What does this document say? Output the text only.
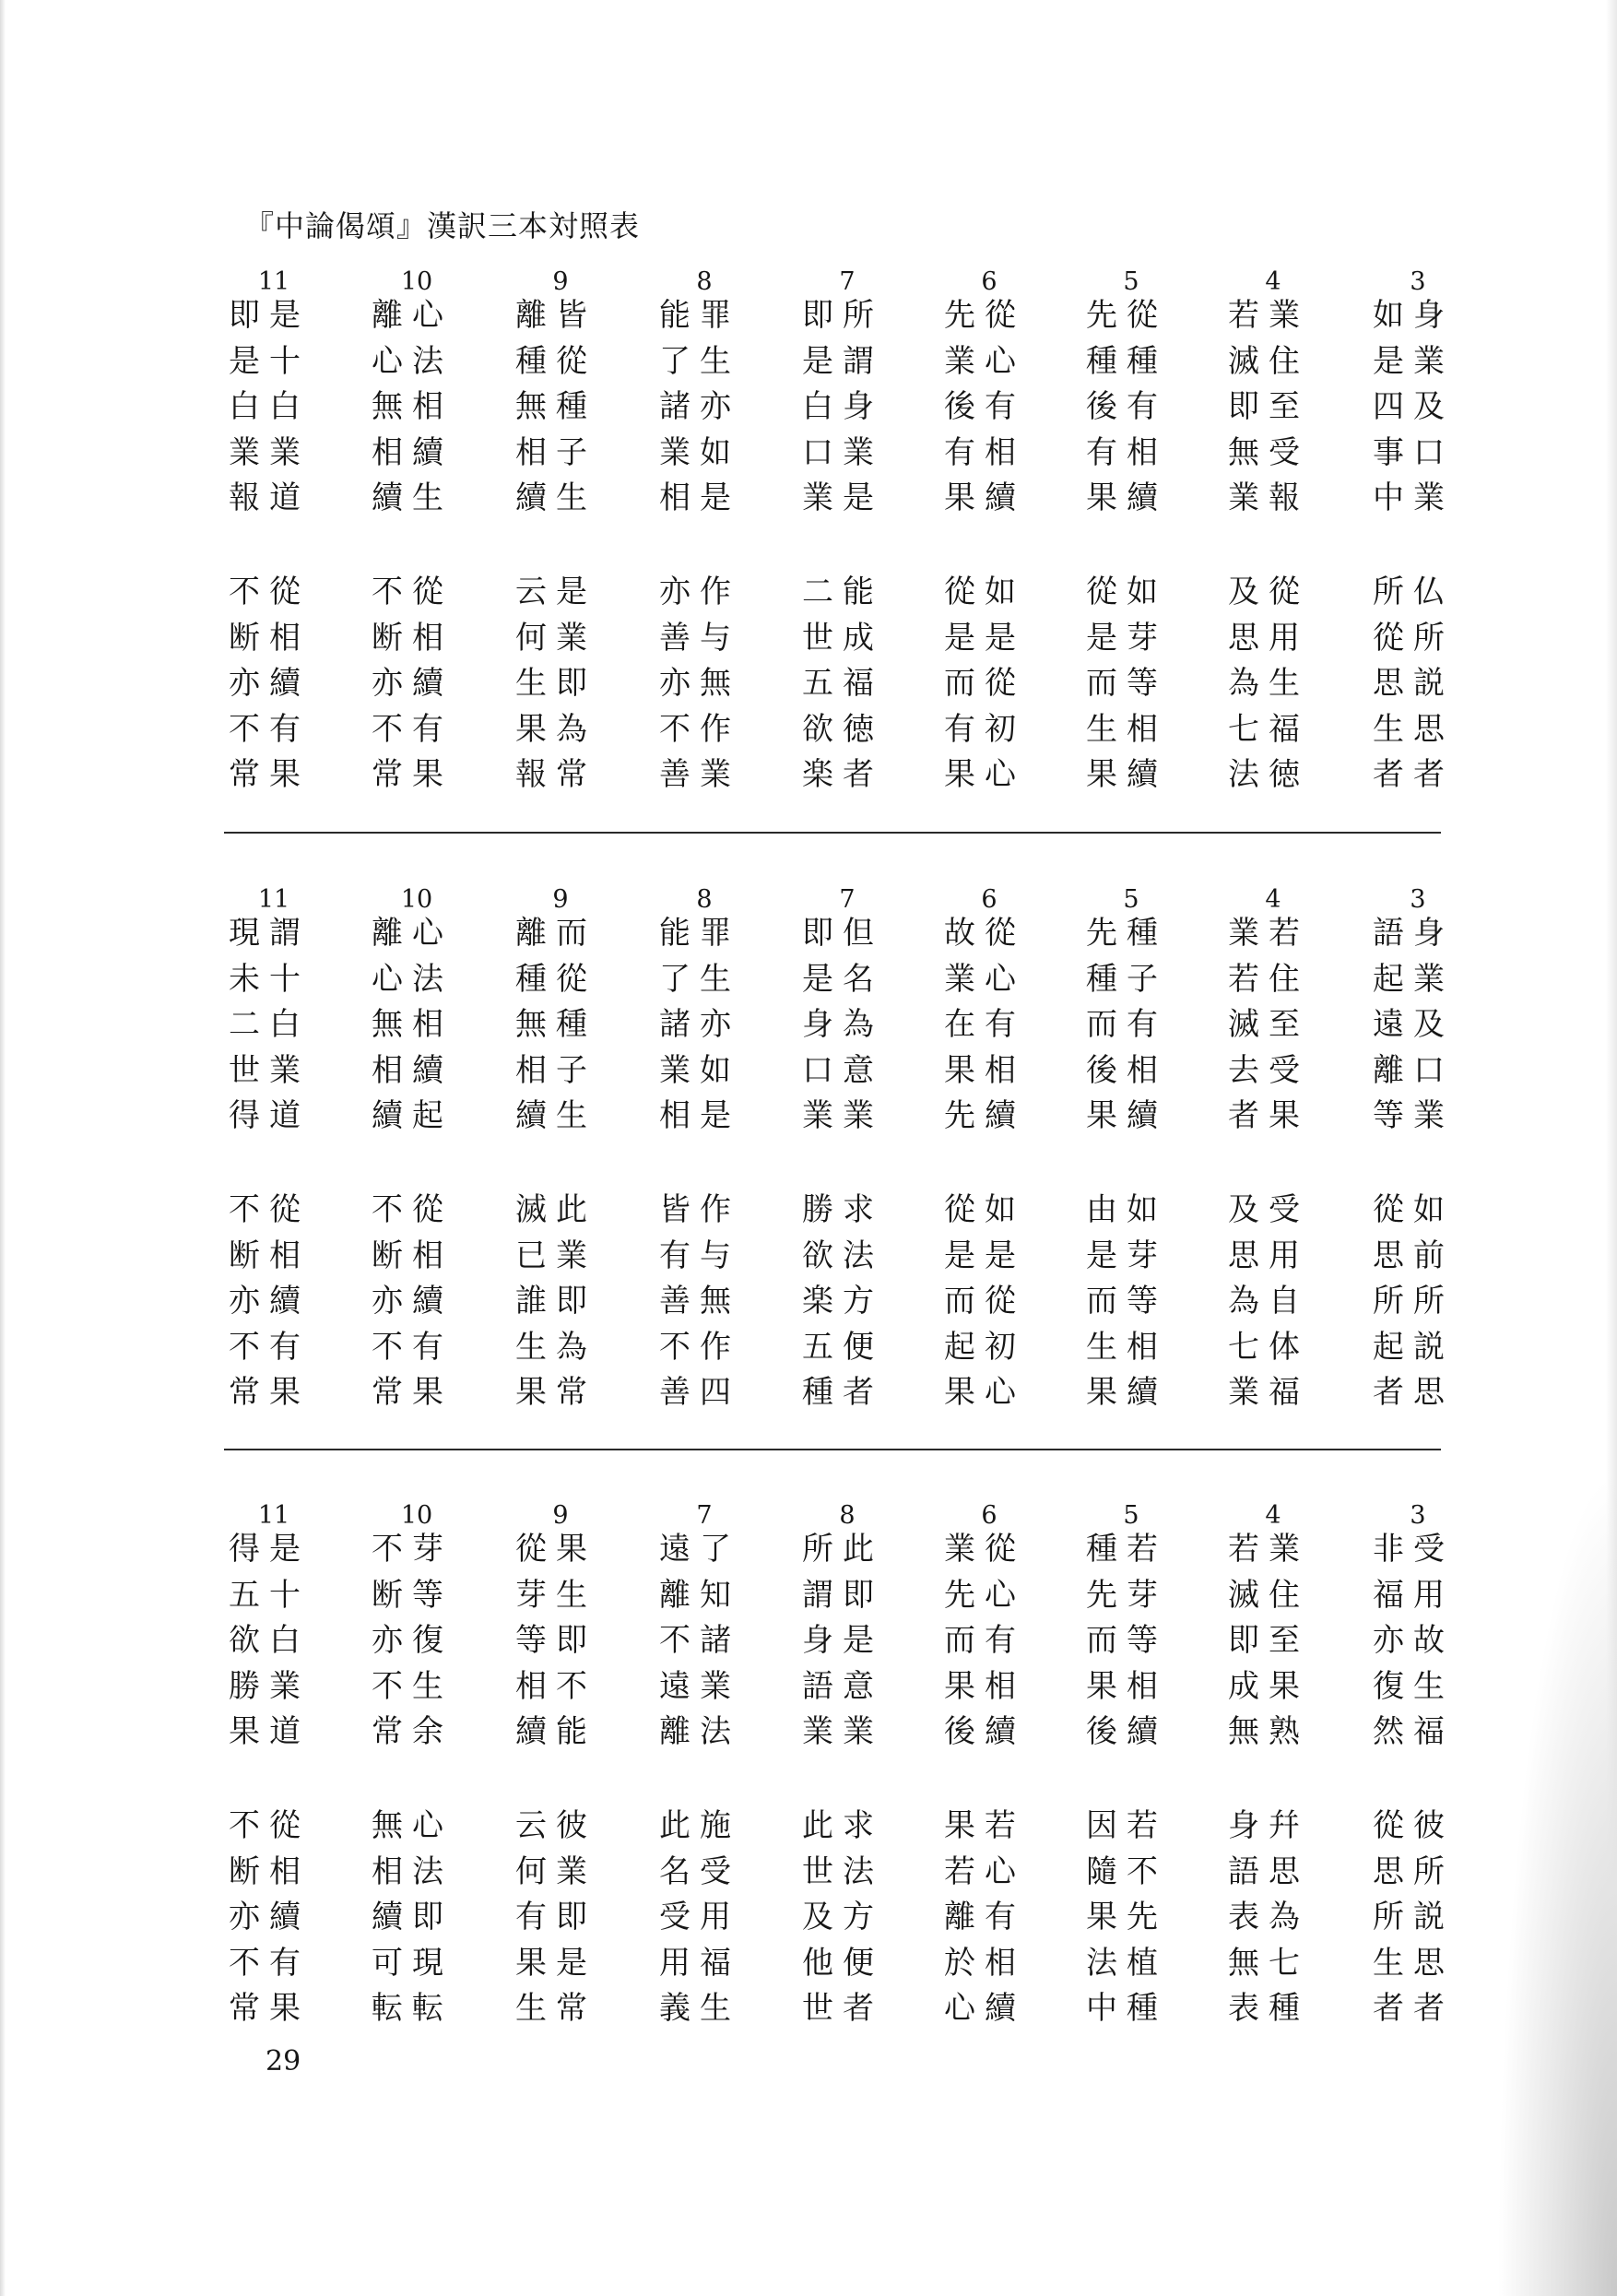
『中論偈頌』漢訳三本対照表
3
所
從
思
生
者
仏
所
説
思
者
如
是
四
事
中
身
業
及
口
業
4
及
思
為
七
法
從
用
生
福
徳
若
滅
即
無
業
業
住
至
受
報
5
從
是
而
生
果
如
芽
等
相
續
先
種
後
有
果
從
種
有
相
續
6
從
是
而
有
果
如
是
從
初
心
先
業
後
有
果
從
心
有
相
續
7
二
世
五
欲
楽
能
成
福
徳
者
即
是
白
口
業
所
謂
身
業
是
8
亦
善
亦
不
善
作
与
無
作
業
能
了
諸
業
相
罪
生
亦
如
是
9
云
何
生
果
報
是
業
即
為
常
離
種
無
相
續
皆
從
種
子
生
10
不
断
亦
不
常
從
相
續
有
果
離
心
無
相
續
心
法
相
續
生
11
不
断
亦
不
常
從
相
續
有
果
即
是
白
業
報
是
十
白
業
道
3
從
思
所
起
者
如
前
所
説
思
語
起
遠
離
等
身
業
及
口
業
4
及
思
為
七
業
受
用
自
体
福
業
若
滅
去
者
若
住
至
受
果
5
由
是
而
生
果
如
芽
等
相
續
先
種
而
後
果
種
子
有
相
續
6
從
是
而
起
果
如
是
從
初
心
故
業
在
果
先
從
心
有
相
續
7
勝
欲
楽
五
種
求
法
方
便
者
即
是
身
口
業
但
名
為
意
業
8
皆
有
善
不
善
作
与
無
作
四
能
了
諸
業
相
罪
生
亦
如
是
9
滅
已
誰
生
果
此
業
即
為
常
離
種
無
相
續
而
從
種
子
生
10
不
断
亦
不
常
從
相
續
有
果
離
心
無
相
續
心
法
相
續
起
11
不
断
亦
不
常
從
相
續
有
果
現
未
二
世
得
謂
十
白
業
道
3
從
思
所
生
者
彼
所
説
思
者
非
福
亦
復
然
受
用
故
生
福
4
身
語
表
無
表
幷
思
為
七
種
若
滅
即
成
無
業
住
至
果
熟
5
因
隨
果
法
中
若
不
先
植
種
種
先
而
果
後
若
芽
等
相
續
6
果
若
離
於
心
若
心
有
相
續
業
先
而
果
後
從
心
有
相
續
8
此
世
及
他
世
求
法
方
便
者
所
謂
身
語
業
此
即
是
意
業
7
此
名
受
用
義
施
受
用
福
生
遠
離
不
遠
離
了
知
諸
業
法
9
云
何
有
果
生
彼
業
即
是
常
從
芽
等
相
續
果
生
即
不
能
10
無
相
續
可
転
心
法
即
現
転
不
断
亦
不
常
芽
等
復
生
余
11
不
断
亦
不
常
從
相
續
有
果
得
五
欲
勝
果
是
十
白
業
道
29
